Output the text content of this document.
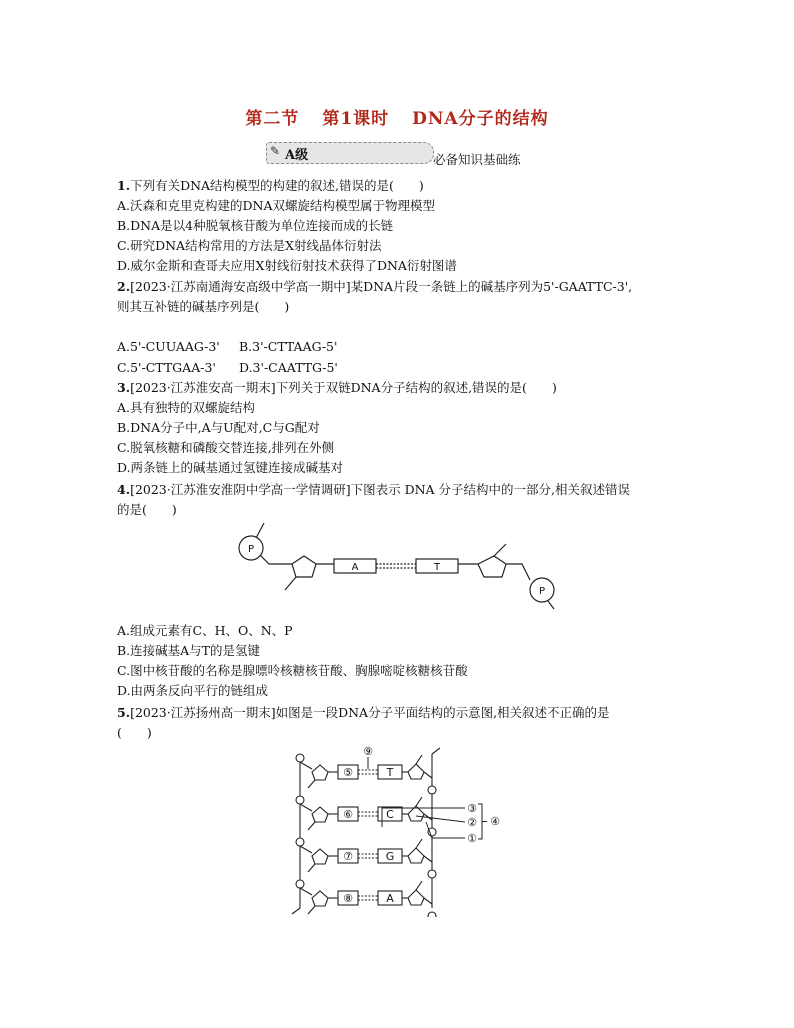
第二节 第1课时 DNA分子的结构
✎ A级	必备知识基础练
1.下列有关DNA结构模型的构建的叙述,错误的是(　　)
A.沃森和克里克构建的DNA双螺旋结构模型属于物理模型
B.DNA是以4种脱氧核苷酸为单位连接而成的长链
C.研究DNA结构常用的方法是X射线晶体衍射法
D.威尔金斯和查哥夫应用X射线衍射技术获得了DNA衍射图谱
2.[2023·江苏南通海安高级中学高一期中]某DNA片段一条链上的碱基序列为5'-GAATTC-3',
则其互补链的碱基序列是(　　)
A.5'-CUUAAG-3' B.3'-CTTAAG-5'
C.5'-CTTGAA-3' D.3'-CAATTG-5'
3.[2023·江苏淮安高一期末]下列关于双链DNA分子结构的叙述,错误的是(　　)
A.具有独特的双螺旋结构
B.DNA分子中,A与U配对,C与G配对
C.脱氧核糖和磷酸交替连接,排列在外侧
D.两条链上的碱基通过氢键连接成碱基对
4.[2023·江苏淮安淮阴中学高一学情调研]下图表示 DNA 分子结构中的一部分,相关叙述错误
的是(　　)
P
A	T
P
A.组成元素有C、H、O、N、P
B.连接碱基A与T的是氢键
C.图中核苷酸的名称是腺嘌呤核糖核苷酸、胸腺嘧啶核糖核苷酸
D.由两条反向平行的链组成
5.[2023·江苏扬州高一期末]如图是一段DNA分子平面结构的示意图,相关叙述不正确的是
(　　)
⑨
③
②
①
④
⑤	T
⑥	C
⑦	G
⑧	A
